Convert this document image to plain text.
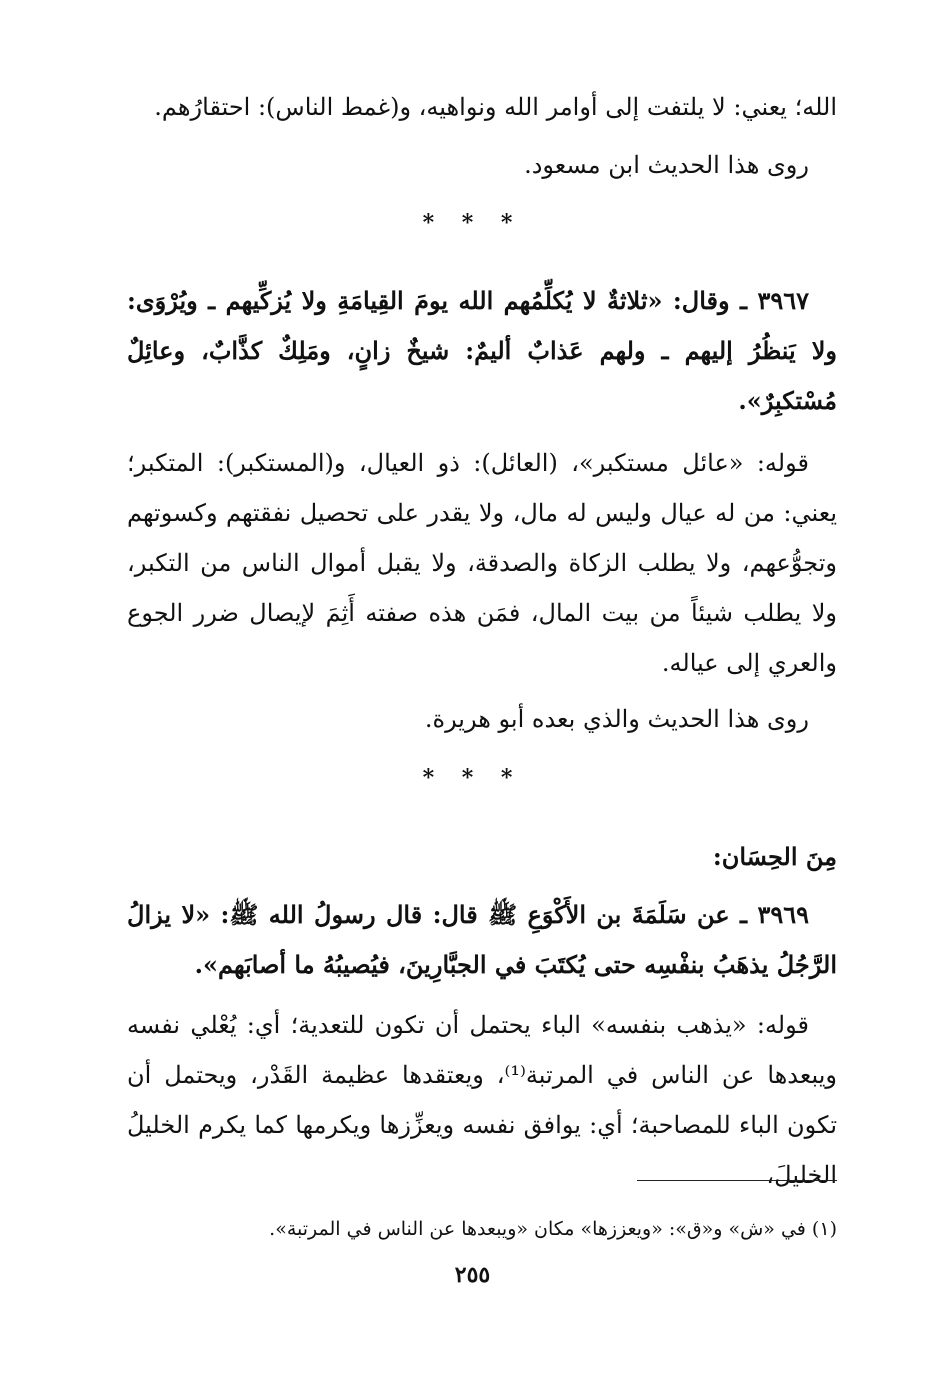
الله؛ يعني: لا يلتفت إلى أوامر الله ونواهيه، و(غمط الناس): احتقارُهم.

روى هذا الحديث ابن مسعود.

* * *

٣٩٦٧ ـ وقال: «ثلاثةٌ لا يُكلِّمُهم الله يومَ القِيامَةِ ولا يُزكِّيهم ـ ويُرْوَى: ولا يَنظُرُ إليهم ـ ولهم عَذابٌ أليمٌ: شيخٌ زانٍ، ومَلِكٌ كذَّابٌ، وعائِلٌ مُسْتكبِرٌ».

قوله: «عائل مستكبر»، (العائل): ذو العيال، و(المستكبر): المتكبر؛ يعني: من له عيال وليس له مال، ولا يقدر على تحصيل نفقتهم وكسوتهم وتجوُّعهم، ولا يطلب الزكاة والصدقة، ولا يقبل أموال الناس من التكبر، ولا يطلب شيئاً من بيت المال، فمَن هذه صفته أَثِمَ لإيصال ضرر الجوع والعري إلى عياله.

روى هذا الحديث والذي بعده أبو هريرة.

* * *

مِنَ الحِسَان:

٣٩٦٩ ـ عن سَلَمَةَ بن الأَكْوَعِ ﷺ قال: قال رسولُ الله ﷺ: «لا يزالُ الرَّجُلُ يذهَبُ بنفْسِه حتى يُكتَبَ في الجبَّارِينَ، فيُصيبُهُ ما أصابَهم».

قوله: «يذهب بنفسه» الباء يحتمل أن تكون للتعدية؛ أي: يُعْلي نفسه ويبعدها عن الناس في المرتبة⁽¹⁾، ويعتقدها عظيمة القَدْر، ويحتمل أن تكون الباء للمصاحبة؛ أي: يوافق نفسه ويعزِّزها ويكرمها كما يكرم الخليلُ الخليلَ،

(١) في «ش» و«ق»: «ويعززها» مكان «ويبعدها عن الناس في المرتبة».

٢٥٥
